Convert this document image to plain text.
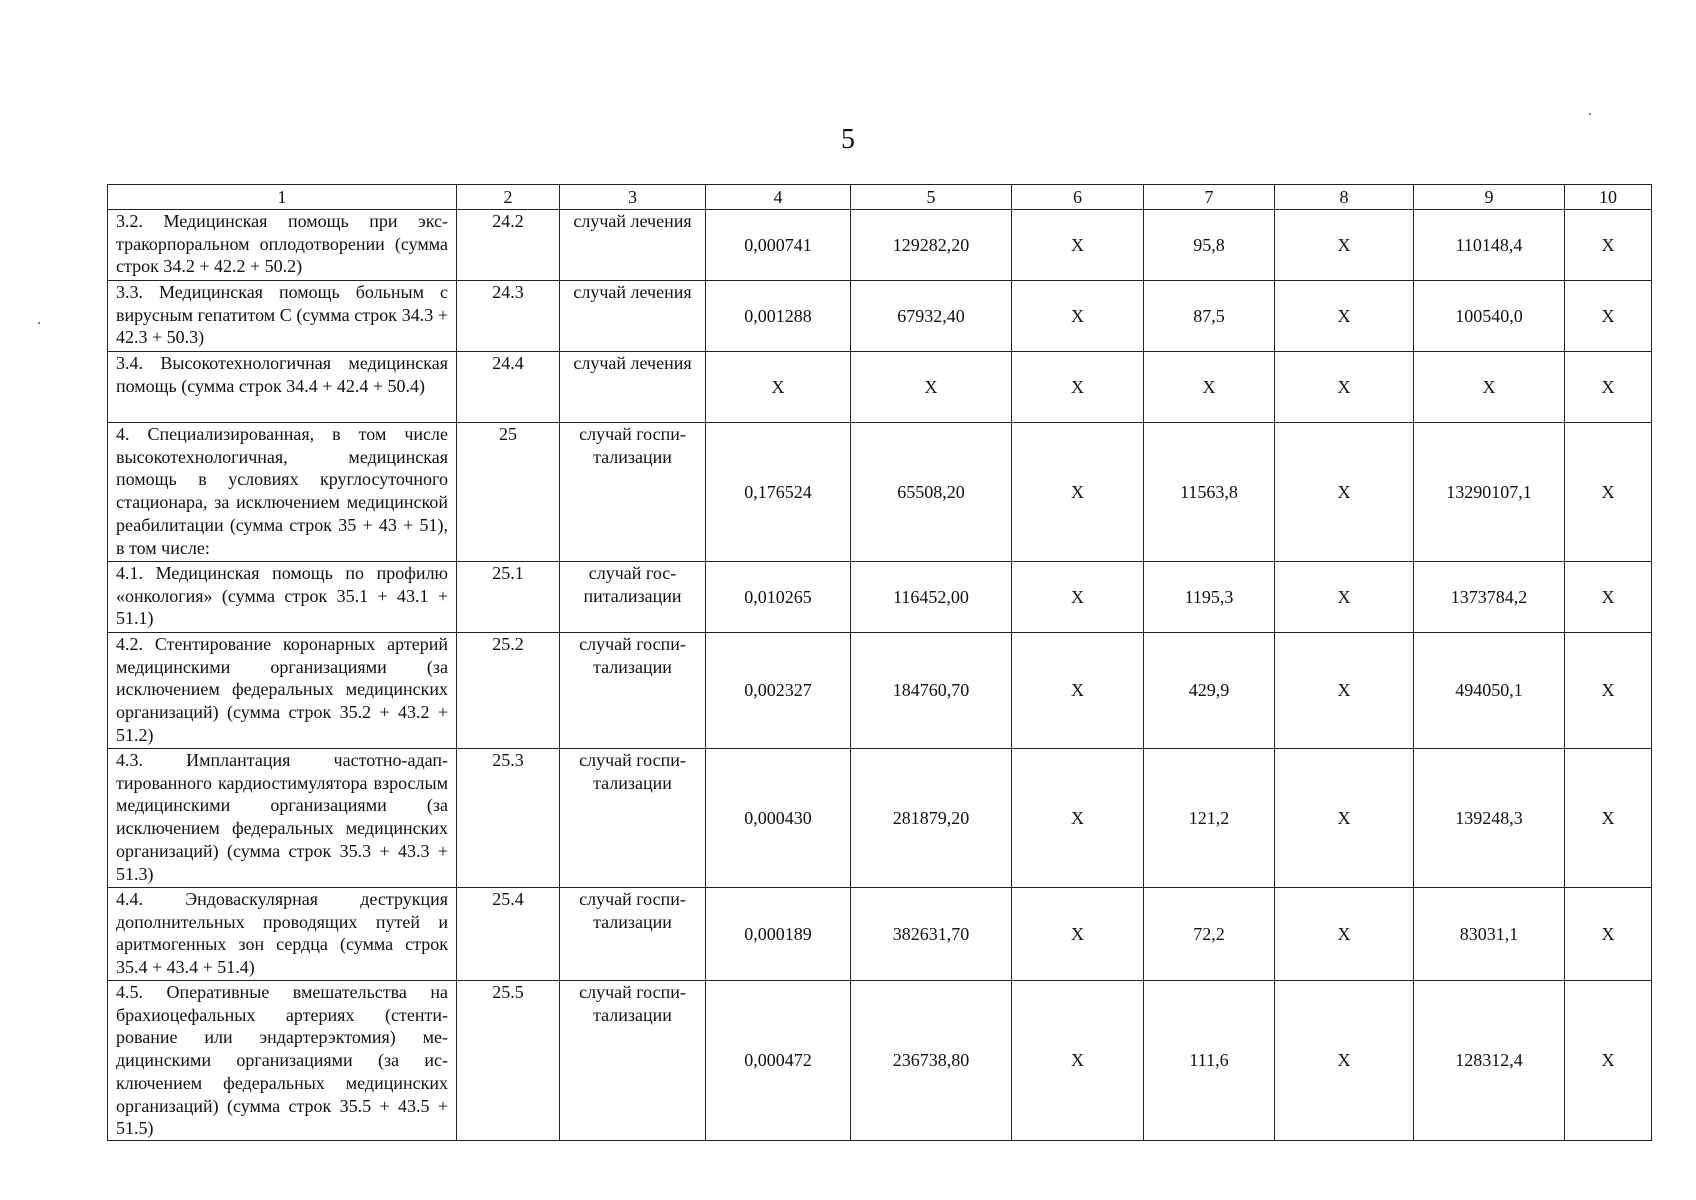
5
1	2	3	4	5	6	7	8	9	10
3.2. Медицинская помощь при экстракорпоральном оплодотворении (сумма строк 34.2 + 42.2 + 50.2)	24.2	случай лечения	0,000741	129282,20	X	95,8	X	110148,4	X
3.3. Медицинская помощь больным с вирусным гепатитом С (сумма строк 34.3 + 42.3 + 50.3)	24.3	случай лечения	0,001288	67932,40	X	87,5	X	100540,0	X
3.4. Высокотехнологичная медицинская помощь (сумма строк 34.4 + 42.4 + 50.4)	24.4	случай лечения	X	X	X	X	X	X	X
4. Специализированная, в том числе высокотехнологичная, медицинская помощь в условиях круглосуточного стационара, за исключением медицинской реабилитации (сумма строк 35 + 43 + 51), в том числе:	25	случай госпитализации	0,176524	65508,20	X	11563,8	X	13290107,1	X
4.1. Медицинская помощь по профилю «онкология» (сумма строк 35.1 + 43.1 + 51.1)	25.1	случай госпитализации	0,010265	116452,00	X	1195,3	X	1373784,2	X
4.2. Стентирование коронарных артерий медицинскими организациями (за исключением федеральных медицинских организаций) (сумма строк 35.2 + 43.2 + 51.2)	25.2	случай госпитализации	0,002327	184760,70	X	429,9	X	494050,1	X
4.3. Имплантация частотно-адаптированного кардиостимулятора взрослым медицинскими организациями (за исключением федеральных медицинских организаций) (сумма строк 35.3 + 43.3 + 51.3)	25.3	случай госпитализации	0,000430	281879,20	X	121,2	X	139248,3	X
4.4. Эндоваскулярная деструкция дополнительных проводящих путей и аритмогенных зон сердца (сумма строк 35.4 + 43.4 + 51.4)	25.4	случай госпитализации	0,000189	382631,70	X	72,2	X	83031,1	X
4.5. Оперативные вмешательства на брахиоцефальных артериях (стентирование или эндартерэктомия) медицинскими организациями (за исключением федеральных медицинских организаций) (сумма строк 35.5 + 43.5 + 51.5)	25.5	случай госпитализации	0,000472	236738,80	X	111,6	X	128312,4	X
